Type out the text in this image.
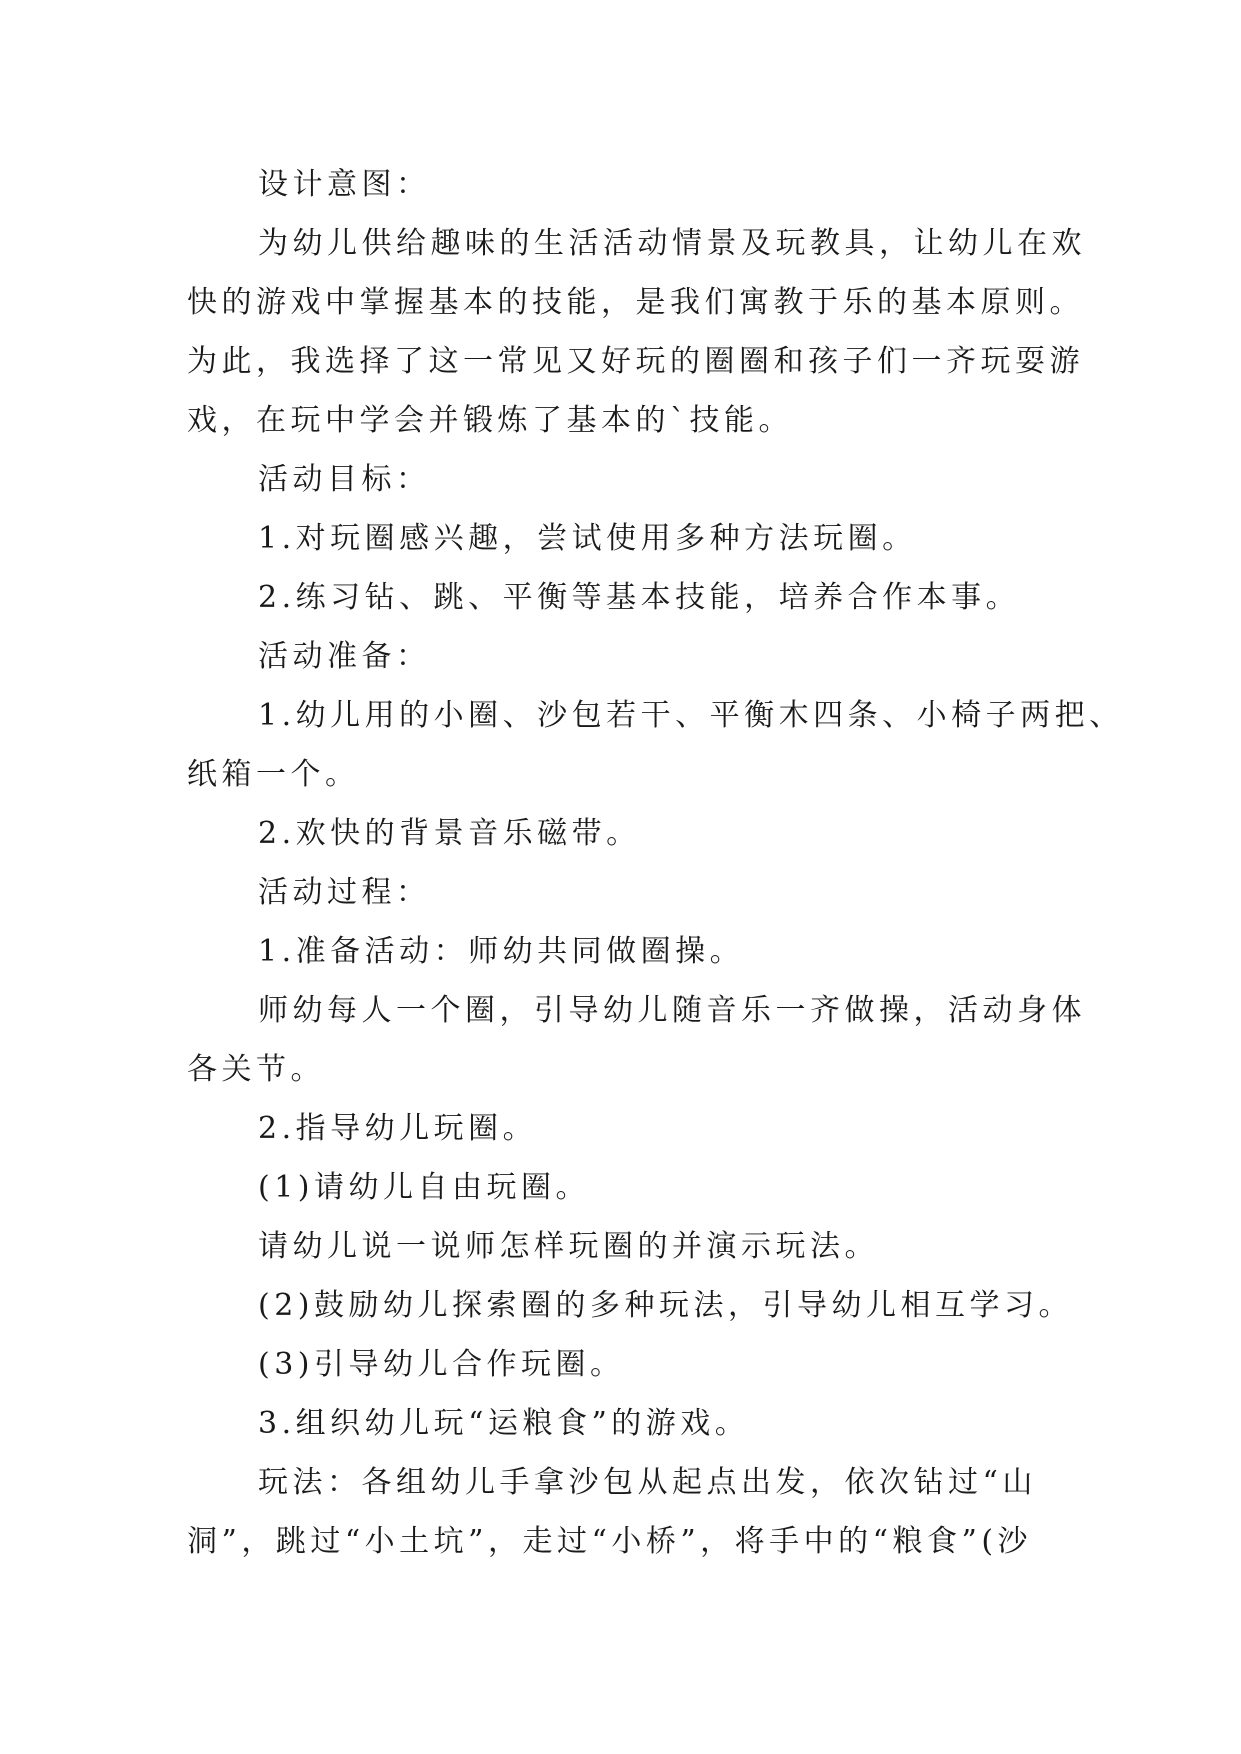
设计意图：
为幼儿供给趣味的生活活动情景及玩教具，让幼儿在欢
快的游戏中掌握基本的技能，是我们寓教于乐的基本原则。
为此，我选择了这一常见又好玩的圈圈和孩子们一齐玩耍游
戏，在玩中学会并锻炼了基本的`技能。
活动目标：
1.对玩圈感兴趣，尝试使用多种方法玩圈。
2.练习钻、跳、平衡等基本技能，培养合作本事。
活动准备：
1.幼儿用的小圈、沙包若干、平衡木四条、小椅子两把、
纸箱一个。
2.欢快的背景音乐磁带。
活动过程：
1.准备活动：师幼共同做圈操。
师幼每人一个圈，引导幼儿随音乐一齐做操，活动身体
各关节。
2.指导幼儿玩圈。
(1)请幼儿自由玩圈。
请幼儿说一说师怎样玩圈的并演示玩法。
(2)鼓励幼儿探索圈的多种玩法，引导幼儿相互学习。
(3)引导幼儿合作玩圈。
3.组织幼儿玩“运粮食”的游戏。
玩法：各组幼儿手拿沙包从起点出发，依次钻过“山
洞”，跳过“小土坑”，走过“小桥”，将手中的“粮食”(沙
